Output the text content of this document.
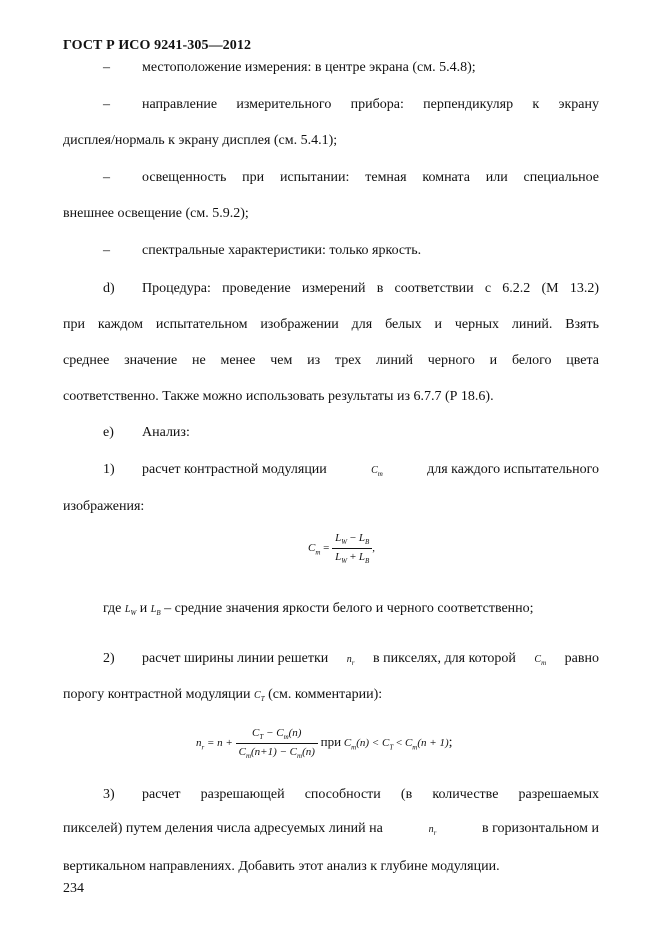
ГОСТ Р ИСО 9241-305—2012
–	местоположение измерения: в центре экрана (см. 5.4.8);
–	направление измерительного прибора: перпендикуляр к экрану
дисплея/нормаль к экрану дисплея (см. 5.4.1);
–	освещенность при испытании: темная комната или специальное
внешнее освещение (см. 5.9.2);
–	спектральные характеристики: только яркость.
d)	Процедура: проведение измерений в соответствии с 6.2.2 (М 13.2)
при каждом испытательном изображении для белых и черных линий. Взять
среднее значение не менее чем из трех линий черного и белого цвета
соответственно. Также можно использовать результаты из 6.7.7 (Р 18.6).
e)	Анализ:
1)	расчет контрастной модуляции	$C_m$	для каждого испытательного
изображения:
$C_m = \frac{L_W - L_B}{L_W + L_B}$ ,
где $L_W$ и $L_B$ – средние значения яркости белого и черного соответственно;
2)	расчет ширины линии решетки $n_r$ в пикселях, для которой $C_m$ равно
порогу контрастной модуляции $C_T$ (см. комментарии):
$n_r = n + \frac{C_T - C_m(n)}{C_m(n+1) - C_m(n)}$ при $C_m(n) < C_T < C_m(n + 1)$;
3)	расчет разрешающей способности (в количестве разрешаемых
пикселей) путем деления числа адресуемых линий на	$n_r$	в горизонтальном и
вертикальном направлениях. Добавить этот анализ к глубине модуляции.
234
